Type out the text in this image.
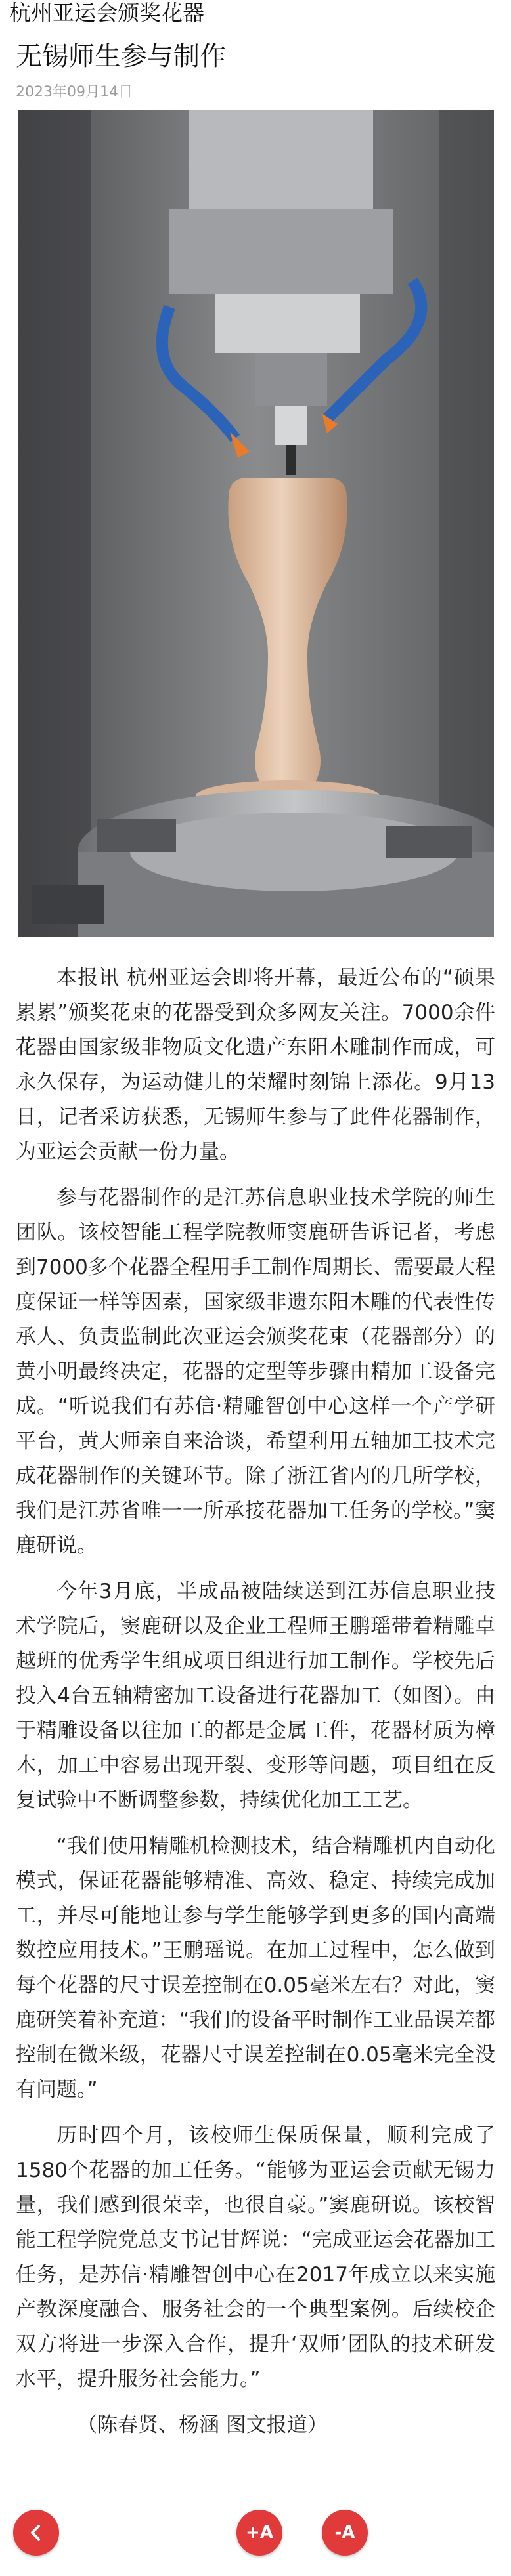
杭州亚运会颁奖花器
无锡师生参与制作
2023年09月14日

本报讯 杭州亚运会即将开幕，最近公布的“硕果累累”颁奖花束的花器受到众多网友关注。7000余件花器由国家级非物质文化遗产东阳木雕制作而成，可永久保存，为运动健儿的荣耀时刻锦上添花。9月13日，记者采访获悉，无锡师生参与了此件花器制作，为亚运会贡献一份力量。

参与花器制作的是江苏信息职业技术学院的师生团队。该校智能工程学院教师窦鹿研告诉记者，考虑到7000多个花器全程用手工制作周期长、需要最大程度保证一样等因素，国家级非遗东阳木雕的代表性传承人、负责监制此次亚运会颁奖花束（花器部分）的黄小明最终决定，花器的定型等步骤由精加工设备完成。“听说我们有苏信·精雕智创中心这样一个产学研平台，黄大师亲自来洽谈，希望利用五轴加工技术完成花器制作的关键环节。除了浙江省内的几所学校，我们是江苏省唯一一所承接花器加工任务的学校。”窦鹿研说。

今年3月底，半成品被陆续送到江苏信息职业技术学院后，窦鹿研以及企业工程师王鹏瑶带着精雕卓越班的优秀学生组成项目组进行加工制作。学校先后投入4台五轴精密加工设备进行花器加工（如图）。由于精雕设备以往加工的都是金属工件，花器材质为樟木，加工中容易出现开裂、变形等问题，项目组在反复试验中不断调整参数，持续优化加工工艺。

“我们使用精雕机检测技术，结合精雕机内自动化模式，保证花器能够精准、高效、稳定、持续完成加工，并尽可能地让参与学生能够学到更多的国内高端数控应用技术。”王鹏瑶说。在加工过程中，怎么做到每个花器的尺寸误差控制在0.05毫米左右？对此，窦鹿研笑着补充道：“我们的设备平时制作工业品误差都控制在微米级，花器尺寸误差控制在0.05毫米完全没有问题。”

历时四个月，该校师生保质保量，顺利完成了1580个花器的加工任务。“能够为亚运会贡献无锡力量，我们感到很荣幸，也很自豪。”窦鹿研说。该校智能工程学院党总支书记甘辉说：“完成亚运会花器加工任务，是苏信·精雕智创中心在2017年成立以来实施产教深度融合、服务社会的一个典型案例。后续校企双方将进一步深入合作，提升‘双师’团队的技术研发水平，提升服务社会能力。”

（陈春贤、杨涵 图文报道）

+A	-A
